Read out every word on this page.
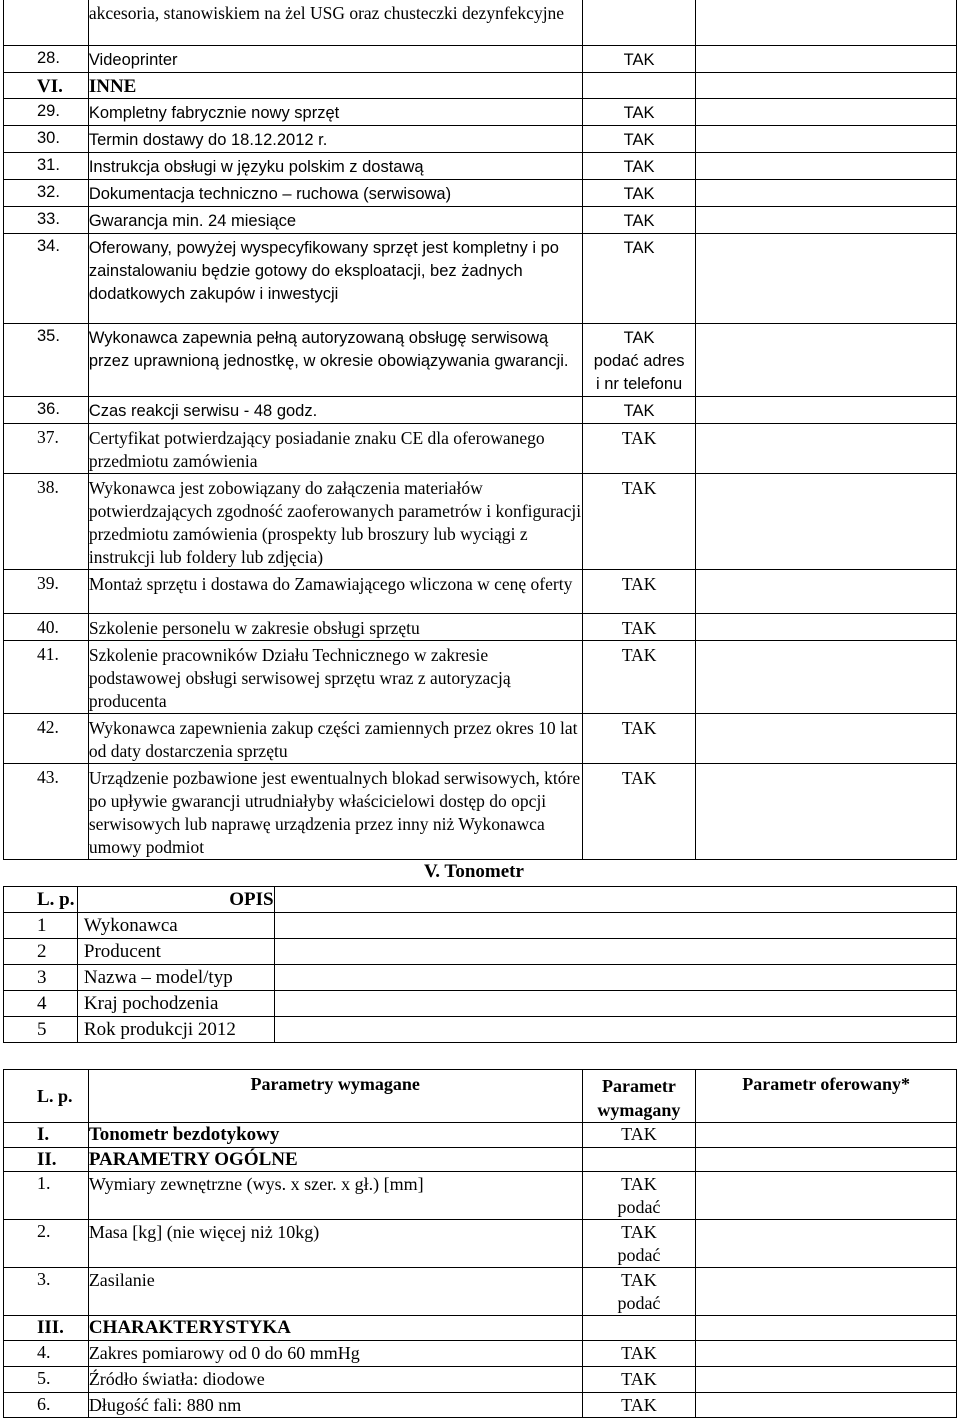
	akcesoria, stanowiskiem na żel USG oraz chusteczki dezynfekcyjne		
28.	Videoprinter	TAK	
VI.	INNE		
29.	Kompletny fabrycznie nowy sprzęt	TAK	
30.	Termin dostawy do 18.12.2012 r.	TAK	
31.	Instrukcja obsługi w języku polskim z dostawą	TAK	
32.	Dokumentacja techniczno – ruchowa (serwisowa)	TAK	
33.	Gwarancja min. 24 miesiące	TAK	
34.	Oferowany, powyżej wyspecyfikowany sprzęt jest kompletny i po zainstalowaniu będzie gotowy do eksploatacji, bez żadnych dodatkowych zakupów i inwestycji	TAK	
35.	Wykonawca zapewnia pełną autoryzowaną obsługę serwisową przez uprawnioną jednostkę, w okresie obowiązywania gwarancji.	TAK
podać adres
i nr telefonu	
36.	Czas reakcji serwisu - 48 godz.	TAK	
37.	Certyfikat potwierdzający posiadanie znaku CE dla oferowanego przedmiotu zamówienia	TAK	
38.	Wykonawca jest zobowiązany do załączenia materiałów potwierdzających zgodność zaoferowanych parametrów i konfiguracji przedmiotu zamówienia (prospekty lub broszury lub wyciągi z instrukcji lub foldery lub zdjęcia)	TAK	
39.	Montaż sprzętu i dostawa do Zamawiającego wliczona w cenę oferty	TAK	
40.	Szkolenie personelu w zakresie obsługi sprzętu	TAK	
41.	Szkolenie pracowników Działu Technicznego w zakresie podstawowej obsługi serwisowej sprzętu wraz z autoryzacją producenta	TAK	
42.	Wykonawca zapewnienia zakup części zamiennych przez okres 10 lat od daty dostarczenia sprzętu	TAK	
43.	Urządzenie pozbawione jest ewentualnych blokad serwisowych, które po upływie gwarancji utrudniałyby właścicielowi dostęp do opcji serwisowych lub naprawę urządzenia przez inny niż Wykonawca umowy podmiot	TAK	
V. Tonometr
L. p.	OPIS	
1	Wykonawca	
2	Producent	
3	Nazwa – model/typ	
4	Kraj pochodzenia	
5	Rok produkcji 2012	
L. p.	Parametry wymagane	Parametr wymagany	Parametr oferowany*
I.	Tonometr bezdotykowy	TAK	
II.	PARAMETRY OGÓLNE		
1.	Wymiary zewnętrzne (wys. x szer. x gł.) [mm]	TAK
podać	
2.	Masa [kg] (nie więcej niż 10kg)	TAK
podać	
3.	Zasilanie	TAK
podać	
III.	CHARAKTERYSTYKA		
4.	Zakres pomiarowy od 0 do 60 mmHg	TAK	
5.	Źródło światła: diodowe	TAK	
6.	Długość fali: 880 nm	TAK	
